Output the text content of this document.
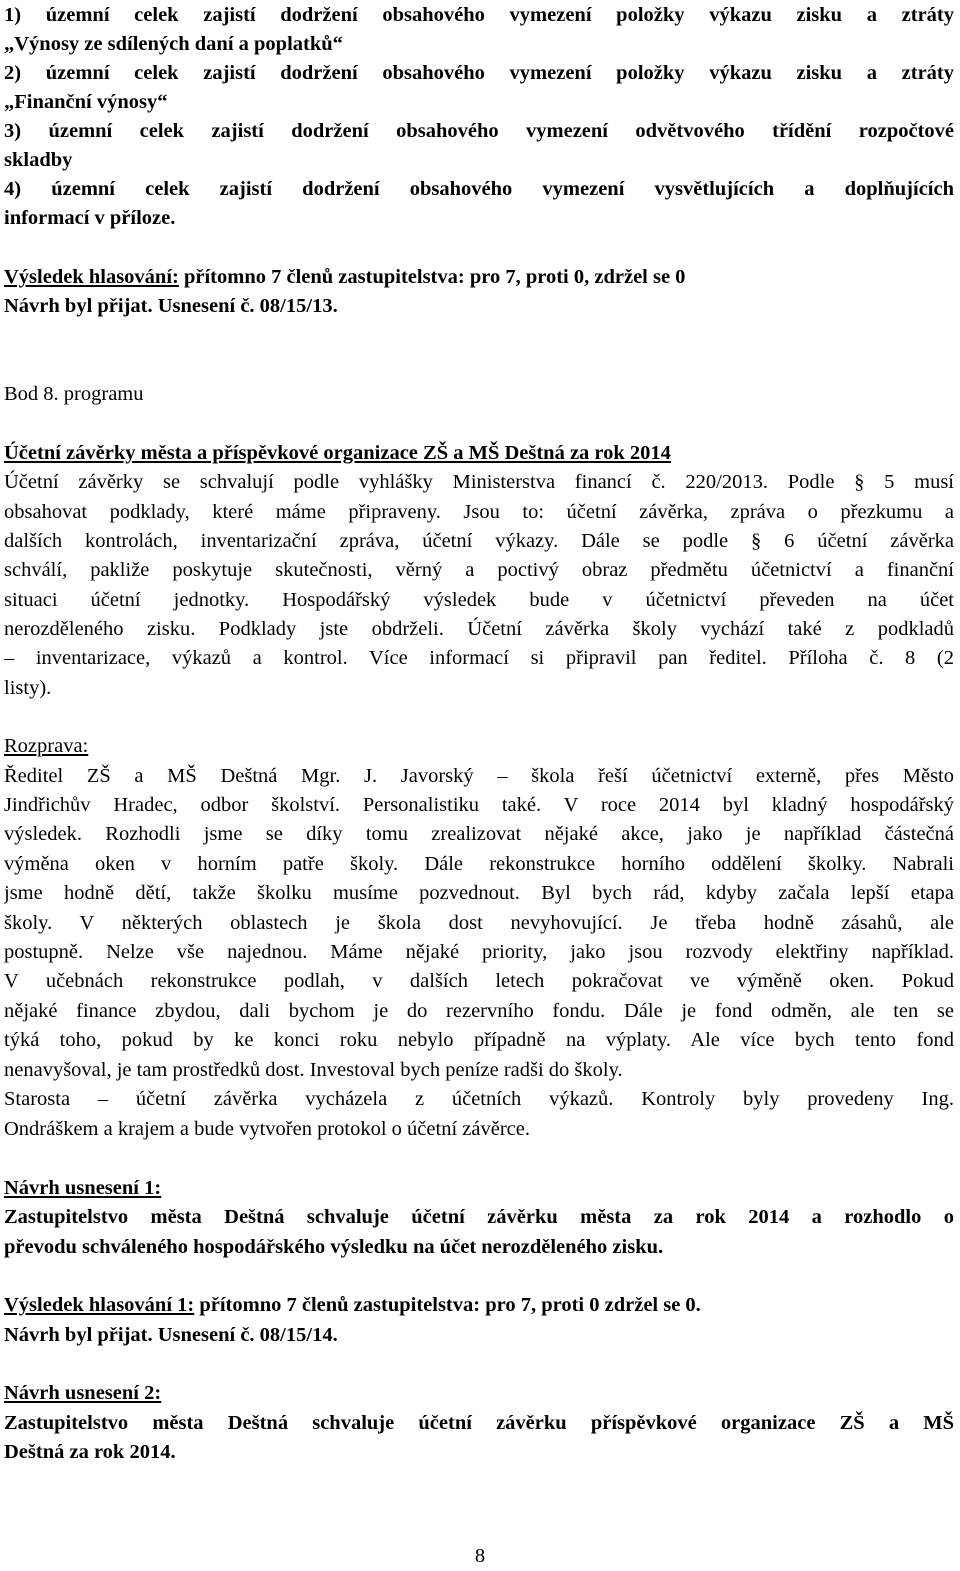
1) územní celek zajistí dodržení obsahového vymezení položky výkazu zisku a ztráty
„Výnosy ze sdílených daní a poplatků“
2) územní celek zajistí dodržení obsahového vymezení položky výkazu zisku a ztráty
„Finanční výnosy“
3) územní celek zajistí dodržení obsahového vymezení odvětvového třídění rozpočtové
skladby
4) územní celek zajistí dodržení obsahového vymezení vysvětlujících a doplňujících
informací v příloze.
Výsledek hlasování: přítomno 7 členů zastupitelstva: pro 7, proti 0, zdržel se 0
Návrh byl přijat. Usnesení č. 08/15/13.
Bod 8. programu
Účetní závěrky města a příspěvkové organizace ZŠ a MŠ Deštná za rok 2014
Účetní závěrky se schvalují podle vyhlášky Ministerstva financí č. 220/2013. Podle § 5 musí
obsahovat podklady, které máme připraveny. Jsou to: účetní závěrka, zpráva o přezkumu a
dalších kontrolách, inventarizační zpráva, účetní výkazy. Dále se podle § 6 účetní závěrka
schválí, pakliže poskytuje skutečnosti, věrný a poctivý obraz předmětu účetnictví a finanční
situaci účetní jednotky. Hospodářský výsledek bude v účetnictví převeden na účet
nerozděleného zisku. Podklady jste obdrželi. Účetní závěrka školy vychází také z podkladů
– inventarizace, výkazů a kontrol. Více informací si připravil pan ředitel. Příloha č. 8 (2
listy).
Rozprava:
Ředitel ZŠ a MŠ Deštná Mgr. J. Javorský – škola řeší účetnictví externě, přes Město
Jindřichův Hradec, odbor školství. Personalistiku také. V roce 2014 byl kladný hospodářský
výsledek. Rozhodli jsme se díky tomu zrealizovat nějaké akce, jako je například částečná
výměna oken v horním patře školy. Dále rekonstrukce horního oddělení školky. Nabrali
jsme hodně dětí, takže školku musíme pozvednout. Byl bych rád, kdyby začala lepší etapa
školy. V některých oblastech je škola dost nevyhovující. Je třeba hodně zásahů, ale
postupně. Nelze vše najednou. Máme nějaké priority, jako jsou rozvody elektřiny například.
V učebnách rekonstrukce podlah, v dalších letech pokračovat ve výměně oken. Pokud
nějaké finance zbydou, dali bychom je do rezervního fondu. Dále je fond odměn, ale ten se
týká toho, pokud by ke konci roku nebylo případně na výplaty. Ale více bych tento fond
nenavyšoval, je tam prostředků dost. Investoval bych peníze radši do školy.
Starosta – účetní závěrka vycházela z účetních výkazů. Kontroly byly provedeny Ing.
Ondráškem a krajem a bude vytvořen protokol o účetní závěrce.
Návrh usnesení 1:
Zastupitelstvo města Deštná schvaluje účetní závěrku města za rok 2014 a rozhodlo o
převodu schváleného hospodářského výsledku na účet nerozděleného zisku.
Výsledek hlasování 1: přítomno 7 členů zastupitelstva: pro 7, proti 0 zdržel se 0.
Návrh byl přijat. Usnesení č. 08/15/14.
Návrh usnesení 2:
Zastupitelstvo města Deštná schvaluje účetní závěrku příspěvkové organizace ZŠ a MŠ
Deštná za rok 2014.
8
